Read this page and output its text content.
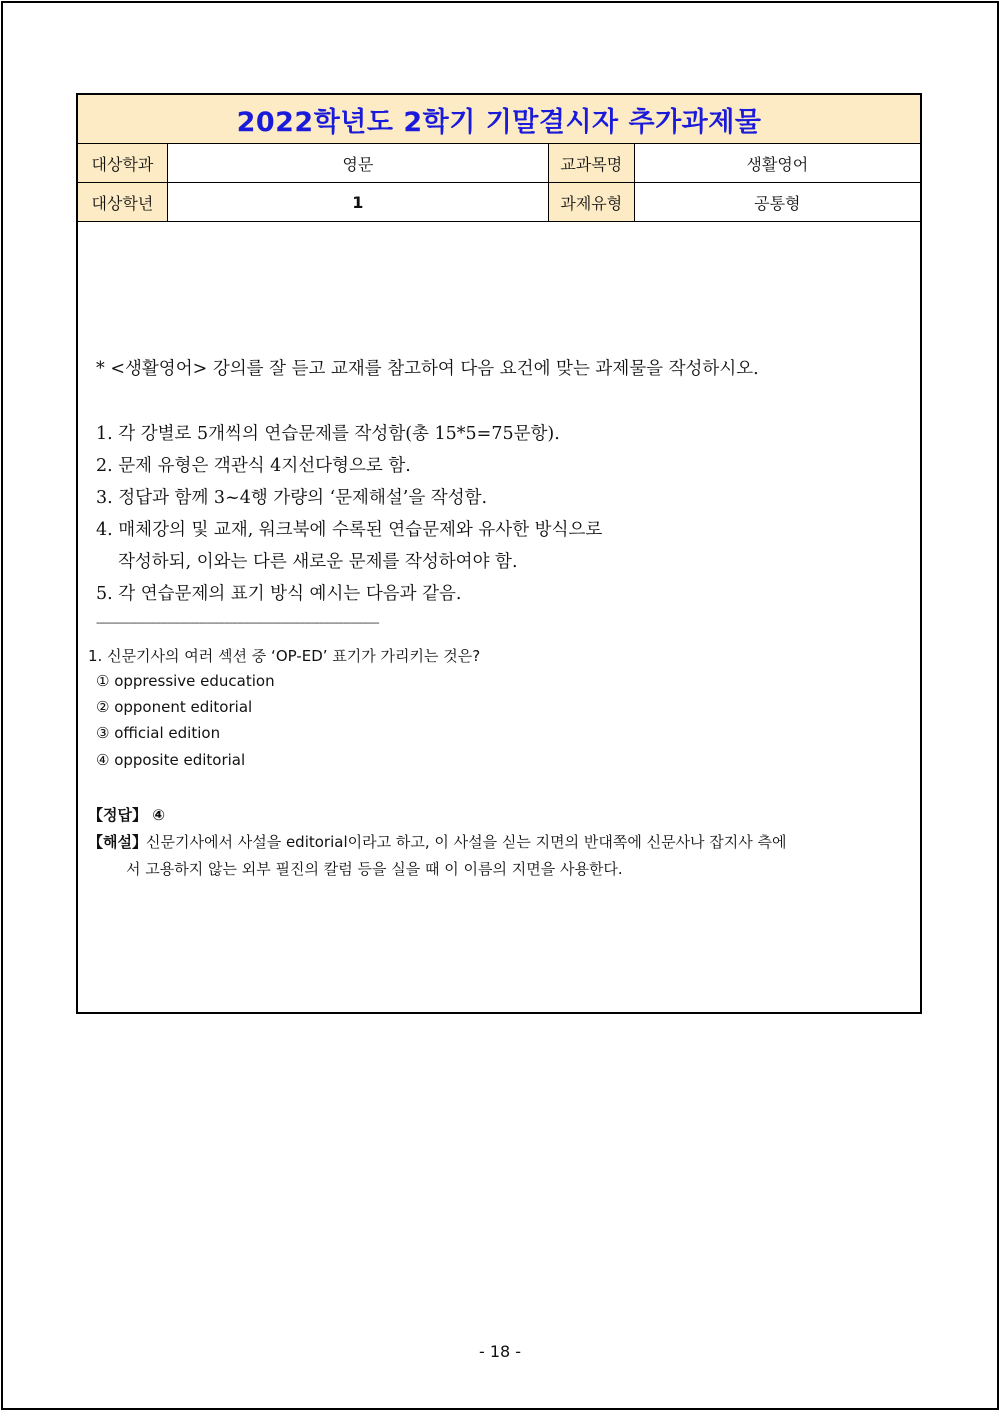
2022학년도 2학기 기말결시자 추가과제물
대상학과	영문	교과목명	생활영어
대상학년	1	과제유형	공통형
* <생활영어> 강의를 잘 듣고 교재를 참고하여 다음 요건에 맞는 과제물을 작성하시오.
1. 각 강별로 5개씩의 연습문제를 작성함(총 15*5=75문항).
2. 문제 유형은 객관식 4지선다형으로 함.
3. 정답과 함께 3~4행 가량의 ‘문제해설’을 작성함.
4. 매체강의 및 교재, 워크북에 수록된 연습문제와 유사한 방식으로
작성하되, 이와는 다른 새로운 문제를 작성하여야 함.
5. 각 연습문제의 표기 방식 예시는 다음과 같음.
--------------------------------------------------------------------------------------------------------
1. 신문기사의 여러 섹션 중 ‘OP-ED’ 표기가 가리키는 것은?
① oppressive education
② opponent editorial
③ official edition
④ opposite editorial
【정답】 ④
【해설】 신문기사에서 사설을 editorial이라고 하고, 이 사설을 싣는 지면의 반대쪽에 신문사나 잡지사 측에
서 고용하지 않는 외부 필진의 칼럼 등을 실을 때 이 이름의 지면을 사용한다.
- 18 -
